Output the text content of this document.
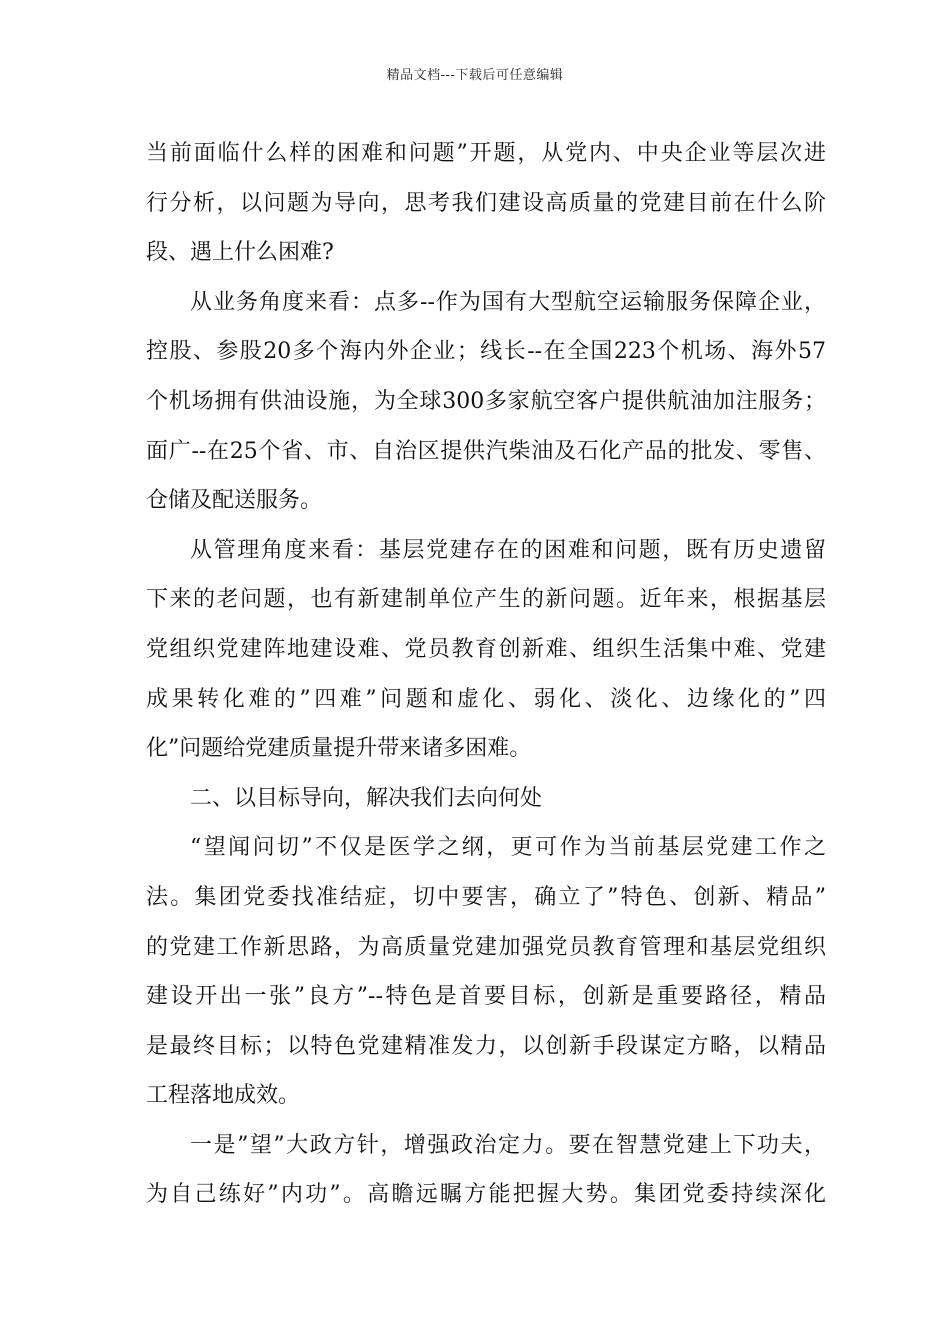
精品文档---下载后可任意编辑
当前面临什么样的困难和问题”开题，从党内、中央企业等层次进
行分析，以问题为导向，思考我们建设高质量的党建目前在什么阶
段、遇上什么困难?
从业务角度来看：点多--作为国有大型航空运输服务保障企业，
控股、参股20多个海内外企业；线长--在全国223个机场、海外57
个机场拥有供油设施，为全球300多家航空客户提供航油加注服务；
面广--在25个省、市、自治区提供汽柴油及石化产品的批发、零售、
仓储及配送服务。
从管理角度来看：基层党建存在的困难和问题，既有历史遗留
下来的老问题，也有新建制单位产生的新问题。近年来，根据基层
党组织党建阵地建设难、党员教育创新难、组织生活集中难、党建
成果转化难的”四难”问题和虚化、弱化、淡化、边缘化的”四
化”问题给党建质量提升带来诸多困难。
二、以目标导向，解决我们去向何处
“望闻问切”不仅是医学之纲，更可作为当前基层党建工作之
法。集团党委找准结症，切中要害，确立了”特色、创新、精品”
的党建工作新思路，为高质量党建加强党员教育管理和基层党组织
建设开出一张”良方”--特色是首要目标，创新是重要路径，精品
是最终目标；以特色党建精准发力，以创新手段谋定方略，以精品
工程落地成效。
一是”望”大政方针，增强政治定力。要在智慧党建上下功夫，
为自己练好”内功”。高瞻远瞩方能把握大势。集团党委持续深化
